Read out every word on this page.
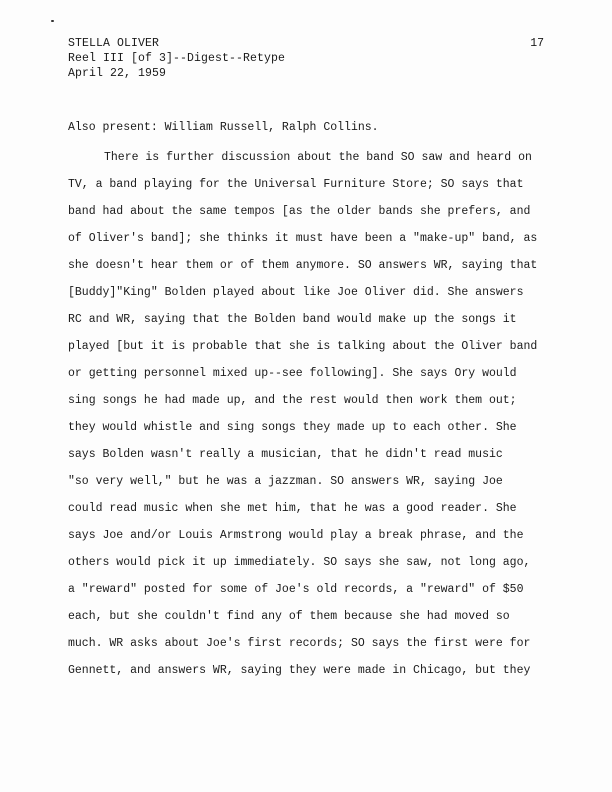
STELLA OLIVER
Reel III [of 3]--Digest--Retype
April 22, 1959
17
Also present: William Russell, Ralph Collins.
There is further discussion about the band SO saw and heard on
TV, a band playing for the Universal Furniture Store; SO says that
band had about the same tempos [as the older bands she prefers, and
of Oliver's band]; she thinks it must have been a "make-up" band, as
she doesn't hear them or of them anymore. SO answers WR, saying that
[Buddy]"King" Bolden played about like Joe Oliver did. She answers
RC and WR, saying that the Bolden band would make up the songs it
played [but it is probable that she is talking about the Oliver band
or getting personnel mixed up--see following]. She says Ory would
sing songs he had made up, and the rest would then work them out;
they would whistle and sing songs they made up to each other. She
says Bolden wasn't really a musician, that he didn't read music
"so very well," but he was a jazzman. SO answers WR, saying Joe
could read music when she met him, that he was a good reader. She
says Joe and/or Louis Armstrong would play a break phrase, and the
others would pick it up immediately. SO says she saw, not long ago,
a "reward" posted for some of Joe's old records, a "reward" of $50
each, but she couldn't find any of them because she had moved so
much. WR asks about Joe's first records; SO says the first were for
Gennett, and answers WR, saying they were made in Chicago, but they
